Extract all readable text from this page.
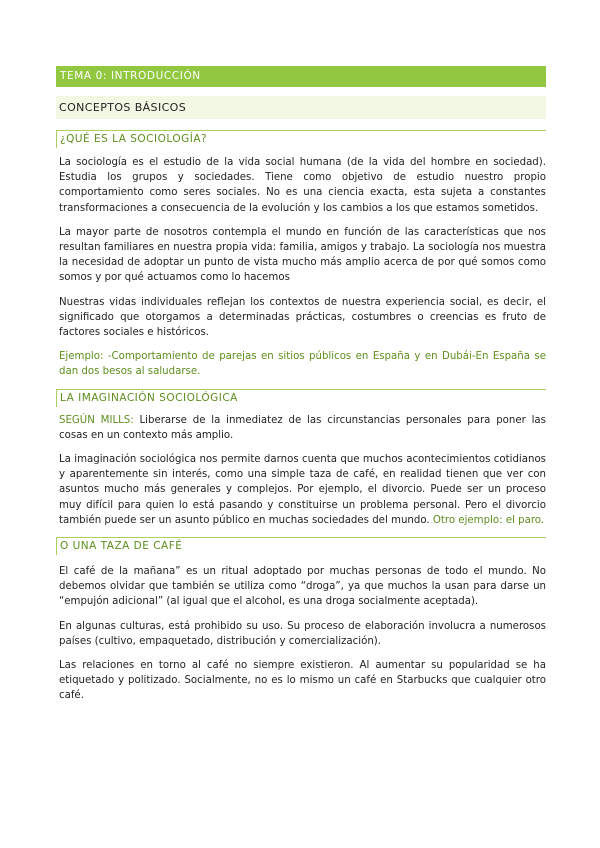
TEMA 0: INTRODUCCIÓN
CONCEPTOS BÁSICOS
¿QUÉ ES LA SOCIOLOGÍA?

La sociología es el estudio de la vida social humana (de la vida del hombre en sociedad). Estudia los grupos y sociedades. Tiene como objetivo de estudio nuestro propio comportamiento como seres sociales. No es una ciencia exacta, esta sujeta a constantes transformaciones a consecuencia de la evolución y los cambios a los que estamos sometidos.

La mayor parte de nosotros contempla el mundo en función de las características que nos resultan familiares en nuestra propia vida: familia, amigos y trabajo. La sociología nos muestra la necesidad de adoptar un punto de vista mucho más amplio acerca de por qué somos como somos y por qué actuamos como lo hacemos

Nuestras vidas individuales reflejan los contextos de nuestra experiencia social, es decir, el significado que otorgamos a determinadas prácticas, costumbres o creencias es fruto de factores sociales e históricos.

Ejemplo: -Comportamiento de parejas en sitios públicos en España y en Dubái-En España se dan dos besos al saludarse.

LA IMAGINACIÓN SOCIOLÓGICA

SEGÚN MILLS: Liberarse de la inmediatez de las circunstancias personales para poner las cosas en un contexto más amplio.

La imaginación sociológica nos permite darnos cuenta que muchos acontecimientos cotidianos y aparentemente sin interés, como una simple taza de café, en realidad tienen que ver con asuntos mucho más generales y complejos. Por ejemplo, el divorcio. Puede ser un proceso muy difícil para quien lo está pasando y constituirse un problema personal. Pero el divorcio también puede ser un asunto público en muchas sociedades del mundo. Otro ejemplo: el paro.

O UNA TAZA DE CAFÉ

El café de la mañana” es un ritual adoptado por muchas personas de todo el mundo. No debemos olvidar que también se utiliza como “droga”, ya que muchos la usan para darse un “empujón adicional” (al igual que el alcohol, es una droga socialmente aceptada).

En algunas culturas, está prohibido su uso. Su proceso de elaboración involucra a numerosos países (cultivo, empaquetado, distribución y comercialización).

Las relaciones en torno al café no siempre existieron. Al aumentar su popularidad se ha etiquetado y politizado. Socialmente, no es lo mismo un café en Starbucks que cualquier otro café.
